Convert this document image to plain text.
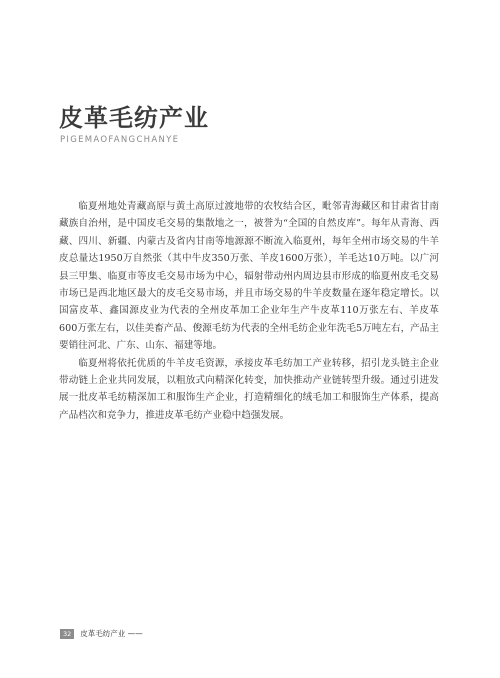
皮革毛纺产业
PIGEMAOFANGCHANYE

临夏州地处青藏高原与黄土高原过渡地带的农牧结合区，毗邻青海藏区和甘肃省甘南藏族自治州，是中国皮毛交易的集散地之一，被誉为“全国的自然皮库”。每年从青海、西藏、四川、新疆、内蒙古及省内甘南等地源源不断流入临夏州，每年全州市场交易的牛羊皮总量达1950万自然张（其中牛皮350万张、羊皮1600万张），羊毛达10万吨。以广河县三甲集、临夏市等皮毛交易市场为中心，辐射带动州内周边县市形成的临夏州皮毛交易市场已是西北地区最大的皮毛交易市场，并且市场交易的牛羊皮数量在逐年稳定增长。以国富皮革、鑫国源皮业为代表的全州皮革加工企业年生产牛皮革110万张左右、羊皮革600万张左右，以佳美畜产品、俊源毛纺为代表的全州毛纺企业年洗毛5万吨左右，产品主要销往河北、广东、山东、福建等地。

临夏州将依托优质的牛羊皮毛资源，承接皮革毛纺加工产业转移，招引龙头链主企业带动链上企业共同发展，以粗放式向精深化转变，加快推动产业链转型升级。通过引进发展一批皮革毛纺精深加工和服饰生产企业，打造精细化的绒毛加工和服饰生产体系，提高产品档次和竞争力，推进皮革毛纺产业稳中趋强发展。

32	皮革毛纺产业 ——
